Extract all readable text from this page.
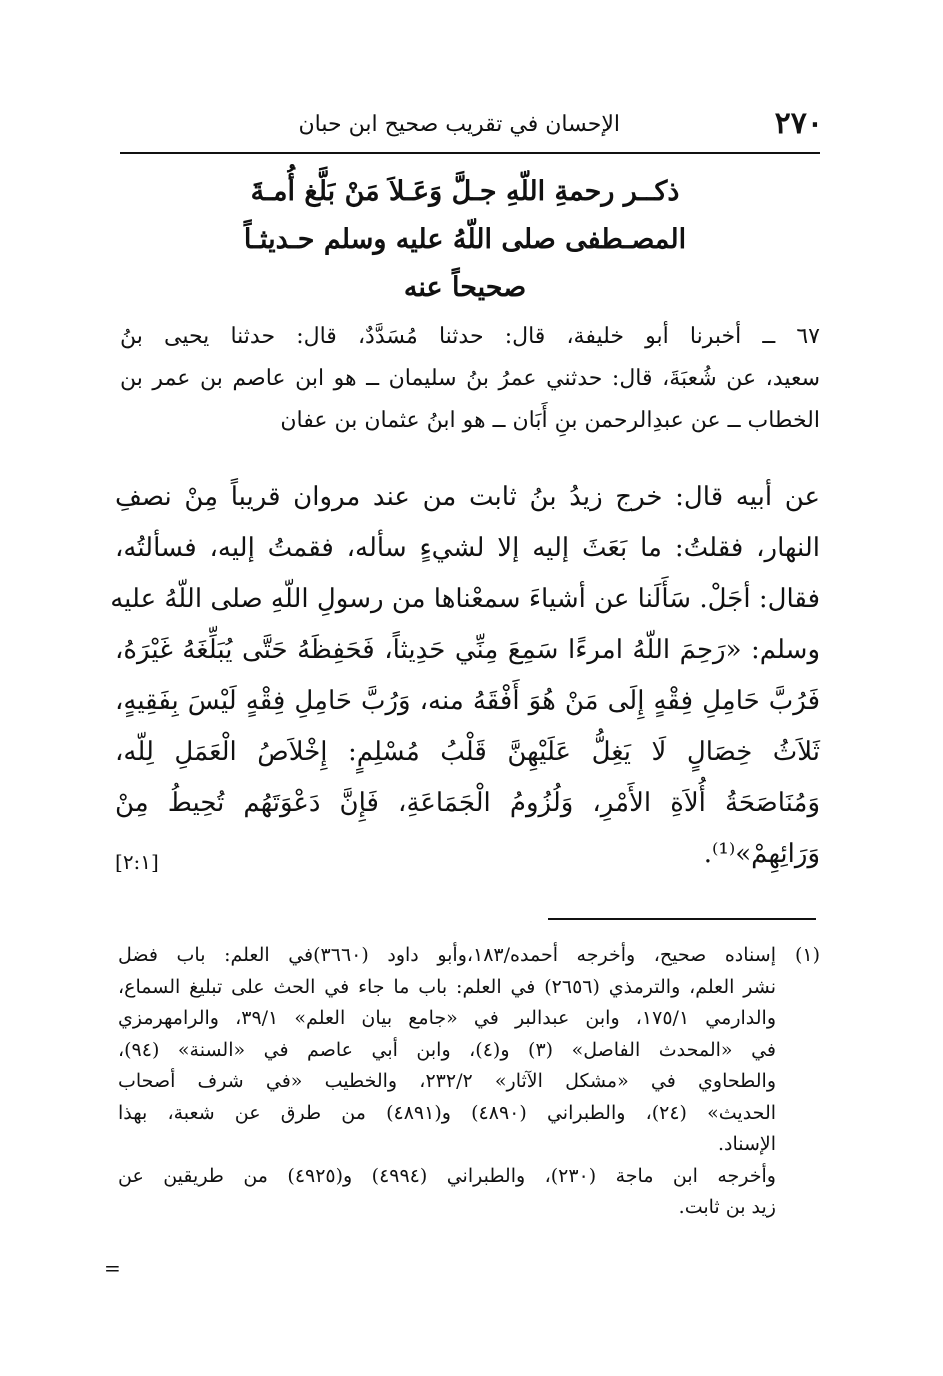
الإحسان في تقريب صحيح ابن حبان	٢٧٠
ذكــر رحمةِ اللّهِ جـلَّ وَعَـلاَ مَنْ بَلَّغ أُمـةَ
المصـطفى صلى اللّهُ عليه وسلم حـديثـاً
صحيحاً عنه
٦٧ ــ أخبرنا أبو خليفة، قال: حدثنا مُسَدَّدٌ، قال: حدثنا يحيى بنُ
سعيد، عن شُعبَةَ، قال: حدثني عمرُ بنُ سليمان ــ هو ابن عاصم بن عمر بن
الخطاب ــ عن عبدِالرحمن بنِ أَبَان ــ هو ابنُ عثمان بن عفان
عن أبيه قال: خرج زيدُ بنُ ثابت من عند مروان قريباً مِنْ نصفِ
النهار، فقلتُ: ما بَعَثَ إليه إلا لشيءٍ سأله، فقمتُ إليه، فسألتُه،
فقال: أجَلْ. سَأَلَنا عن أشياءَ سمعْناها من رسولِ اللّهِ صلى اللّهُ عليه
وسلم: «رَحِمَ اللّهُ امرءًا سَمِعَ مِنِّي حَدِيثاً، فَحَفِظَهُ حَتَّى يُبَلِّغَهُ غَيْرَهُ،
فَرُبَّ حَامِلِ فِقْهٍ إِلَى مَنْ هُوَ أَفْقَهُ منه، وَرُبَّ حَامِلِ فِقْهٍ لَيْسَ بِفَقِيهٍ،
ثَلاَثُ خِصَالٍ لَا يَغِلُّ عَلَيْهِنَّ قَلْبُ مُسْلِمٍ: إِخْلاَصُ الْعَمَلِ لِلّه،
وَمُنَاصَحَةُ أُلاَةِ الأَمْرِ، وَلُزُومُ الْجَمَاعَةِ، فَإِنَّ دَعْوَتَهُم تُحِيطُ مِنْ
وَرَائِهِمْ»⁽¹⁾.
[٢:١]
(١)إسناده صحيح، وأخرجه أحمده/١٨٣،وأبو داود (٣٦٦٠)في العلم: باب فضل
نشر العلم، والترمذي (٢٦٥٦) في العلم: باب ما جاء في الحث على تبليغ السماع،
والدارمي ١٧٥/١، وابن عبدالبر في «جامع بيان العلم» ٣٩/١، والرامهرمزي
في «المحدث الفاصل» (٣) و(٤)، وابن أبي عاصم في «السنة» (٩٤)،
والطحاوي في «مشكل الآثار» ٢٣٢/٢، والخطيب «في شرف أصحاب
الحديث» (٢٤)، والطبراني (٤٨٩٠) و(٤٨٩١) من طرق عن شعبة، بهذا
الإسناد.
وأخرجه ابن ماجة (٢٣٠)، والطبراني (٤٩٩٤) و(٤٩٢٥) من طريقين عن
زيد بن ثابت.
=
